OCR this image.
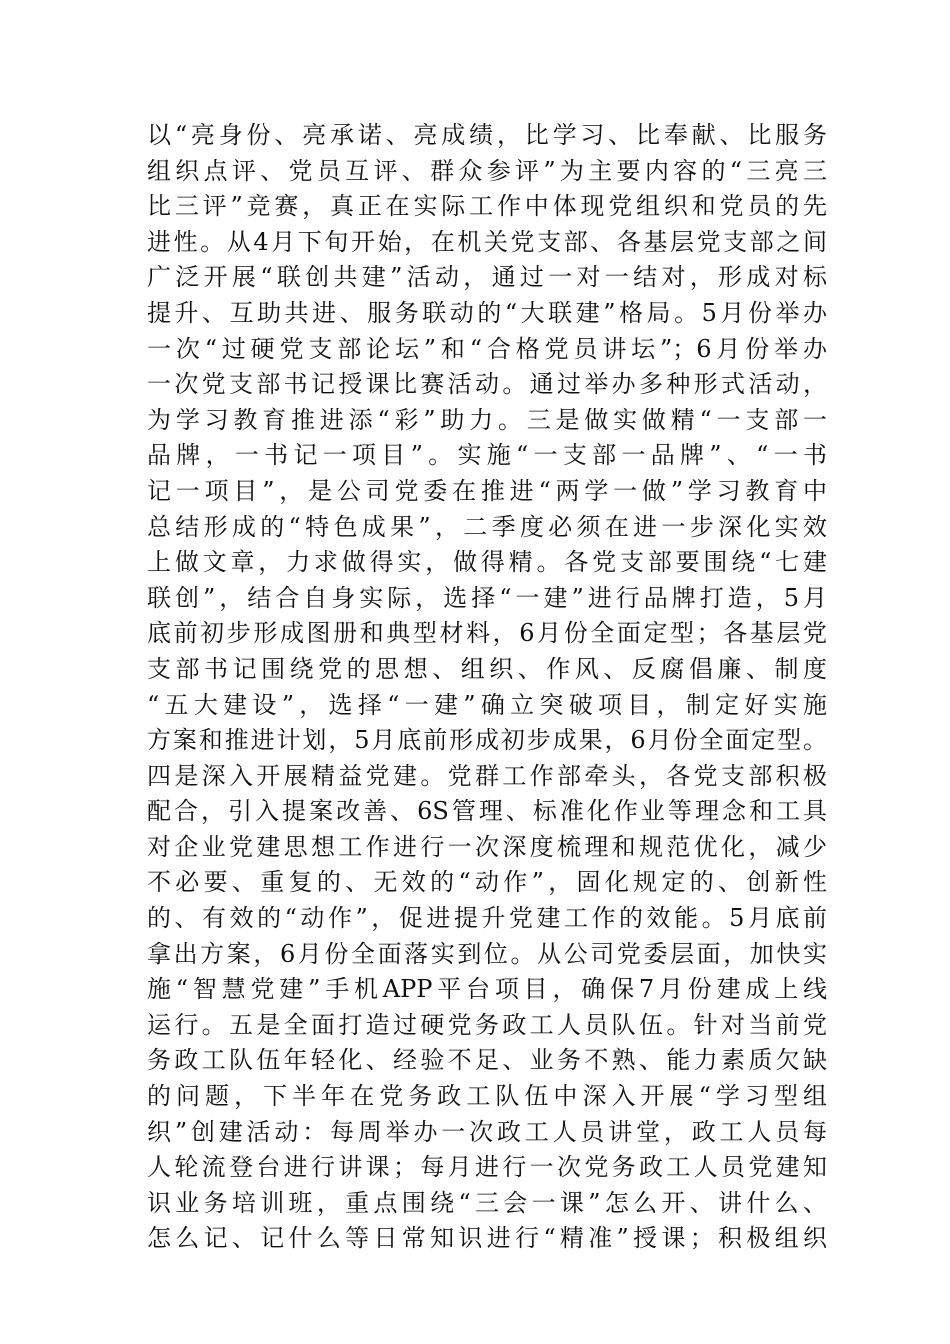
以“亮身份、亮承诺、亮成绩，比学习、比奉献、比服务
组织点评、党员互评、群众参评”为主要内容的“三亮三
比三评”竞赛，真正在实际工作中体现党组织和党员的先
进性。从4月下旬开始，在机关党支部、各基层党支部之间
广泛开展“联创共建”活动，通过一对一结对，形成对标
提升、互助共进、服务联动的“大联建”格局。5月份举办
一次“过硬党支部论坛”和“合格党员讲坛”；6月份举办
一次党支部书记授课比赛活动。通过举办多种形式活动，
为学习教育推进添“彩”助力。三是做实做精“一支部一
品牌，一书记一项目”。实施“一支部一品牌”、“一书
记一项目”，是公司党委在推进“两学一做”学习教育中
总结形成的“特色成果”，二季度必须在进一步深化实效
上做文章，力求做得实，做得精。各党支部要围绕“七建
联创”，结合自身实际，选择“一建”进行品牌打造，5月
底前初步形成图册和典型材料，6月份全面定型；各基层党
支部书记围绕党的思想、组织、作风、反腐倡廉、制度
“五大建设”，选择“一建”确立突破项目，制定好实施
方案和推进计划，5月底前形成初步成果，6月份全面定型。
四是深入开展精益党建。党群工作部牵头，各党支部积极
配合，引入提案改善、6S管理、标准化作业等理念和工具
对企业党建思想工作进行一次深度梳理和规范优化，减少
不必要、重复的、无效的“动作”，固化规定的、创新性
的、有效的“动作”，促进提升党建工作的效能。5月底前
拿出方案，6月份全面落实到位。从公司党委层面，加快实
施“智慧党建”手机APP平台项目，确保7月份建成上线
运行。五是全面打造过硬党务政工人员队伍。针对当前党
务政工队伍年轻化、经验不足、业务不熟、能力素质欠缺
的问题，下半年在党务政工队伍中深入开展“学习型组
织”创建活动：每周举办一次政工人员讲堂，政工人员每
人轮流登台进行讲课；每月进行一次党务政工人员党建知
识业务培训班，重点围绕“三会一课”怎么开、讲什么、
怎么记、记什么等日常知识进行“精准”授课；积极组织
